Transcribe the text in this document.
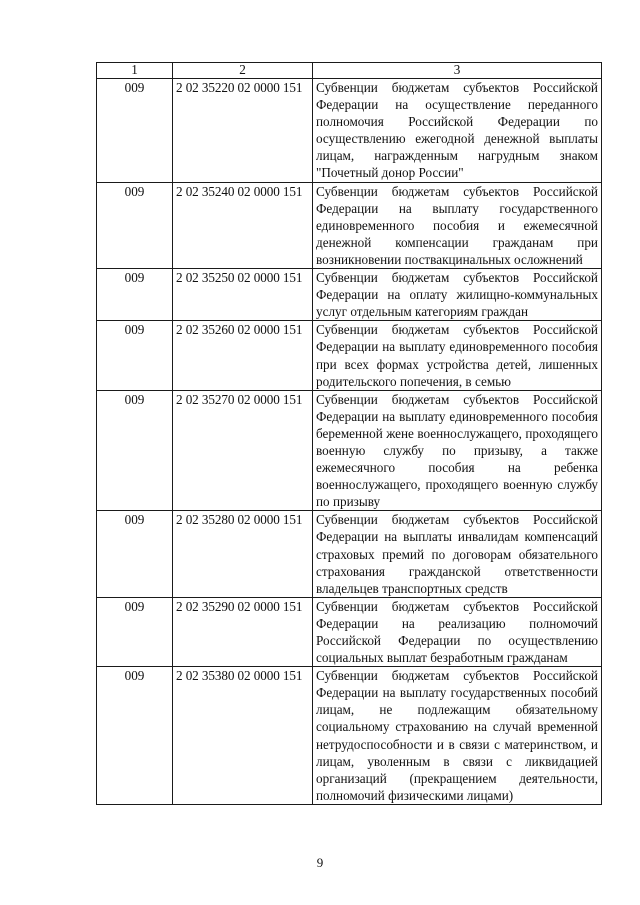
1	2	3
009	2 02 35220 02 0000 151	Субвенции бюджетам субъектов Российской Федерации на осуществление переданного полномочия Российской Федерации по осуществлению ежегодной денежной выплаты лицам, награжденным нагрудным знаком "Почетный донор России"
009	2 02 35240 02 0000 151	Субвенции бюджетам субъектов Российской Федерации на выплату государственного единовременного пособия и ежемесячной денежной компенсации гражданам при возникновении поствакцинальных осложнений
009	2 02 35250 02 0000 151	Субвенции бюджетам субъектов Российской Федерации на оплату жилищно-коммунальных услуг отдельным категориям граждан
009	2 02 35260 02 0000 151	Субвенции бюджетам субъектов Российской Федерации на выплату единовременного пособия при всех формах устройства детей, лишенных родительского попечения, в семью
009	2 02 35270 02 0000 151	Субвенции бюджетам субъектов Российской Федерации на выплату единовременного пособия беременной жене военнослужащего, проходящего военную службу по призыву, а также ежемесячного пособия на ребенка военнослужащего, проходящего военную службу по призыву
009	2 02 35280 02 0000 151	Субвенции бюджетам субъектов Российской Федерации на выплаты инвалидам компенсаций страховых премий по договорам обязательного страхования гражданской ответственности владельцев транспортных средств
009	2 02 35290 02 0000 151	Субвенции бюджетам субъектов Российской Федерации на реализацию полномочий Российской Федерации по осуществлению социальных выплат безработным гражданам
009	2 02 35380 02 0000 151	Субвенции бюджетам субъектов Российской Федерации на выплату государственных пособий лицам, не подлежащим обязательному социальному страхованию на случай временной нетрудоспособности и в связи с материнством, и лицам, уволенным в связи с ликвидацией организаций (прекращением деятельности, полномочий физическими лицами)
9
